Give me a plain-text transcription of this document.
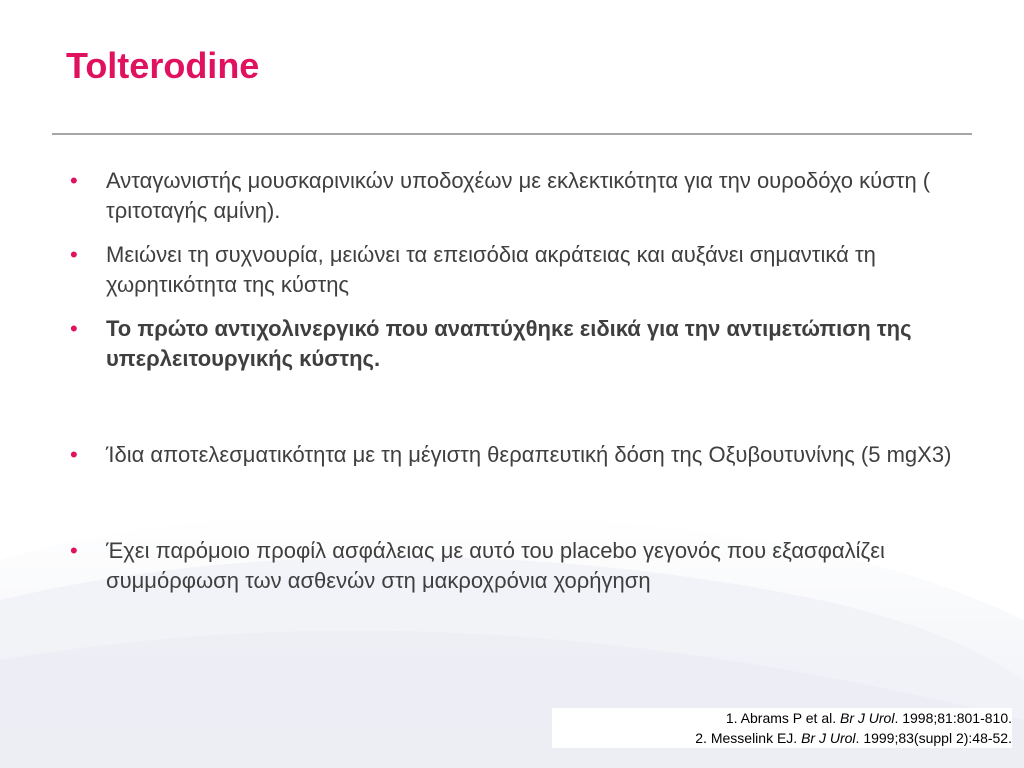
Tolterodine
•	Ανταγωνιστής μουσκαρινικών υποδοχέων με εκλεκτικότητα για την ουροδόχο κύστη ( τριτοταγής αμίνη).
•	Μειώνει τη συχνουρία, μειώνει τα επεισόδια ακράτειας και αυξάνει σημαντικά τη χωρητικότητα της κύστης
•	Το πρώτο αντιχολινεργικό που αναπτύχθηκε ειδικά για την αντιμετώπιση της υπερλειτουργικής κύστης.
•	Ίδια αποτελεσματικότητα με τη μέγιστη θεραπευτική δόση της Οξυβουτυνίνης (5 mgX3)
•	Έχει παρόμοιο προφίλ ασφάλειας με αυτό του placebo γεγονός που εξασφαλίζει συμμόρφωση των ασθενών στη μακροχρόνια χορήγηση
1. Abrams P et al. Br J Urol. 1998;81:801-810.
2. Messelink EJ. Br J Urol. 1999;83(suppl 2):48-52.
